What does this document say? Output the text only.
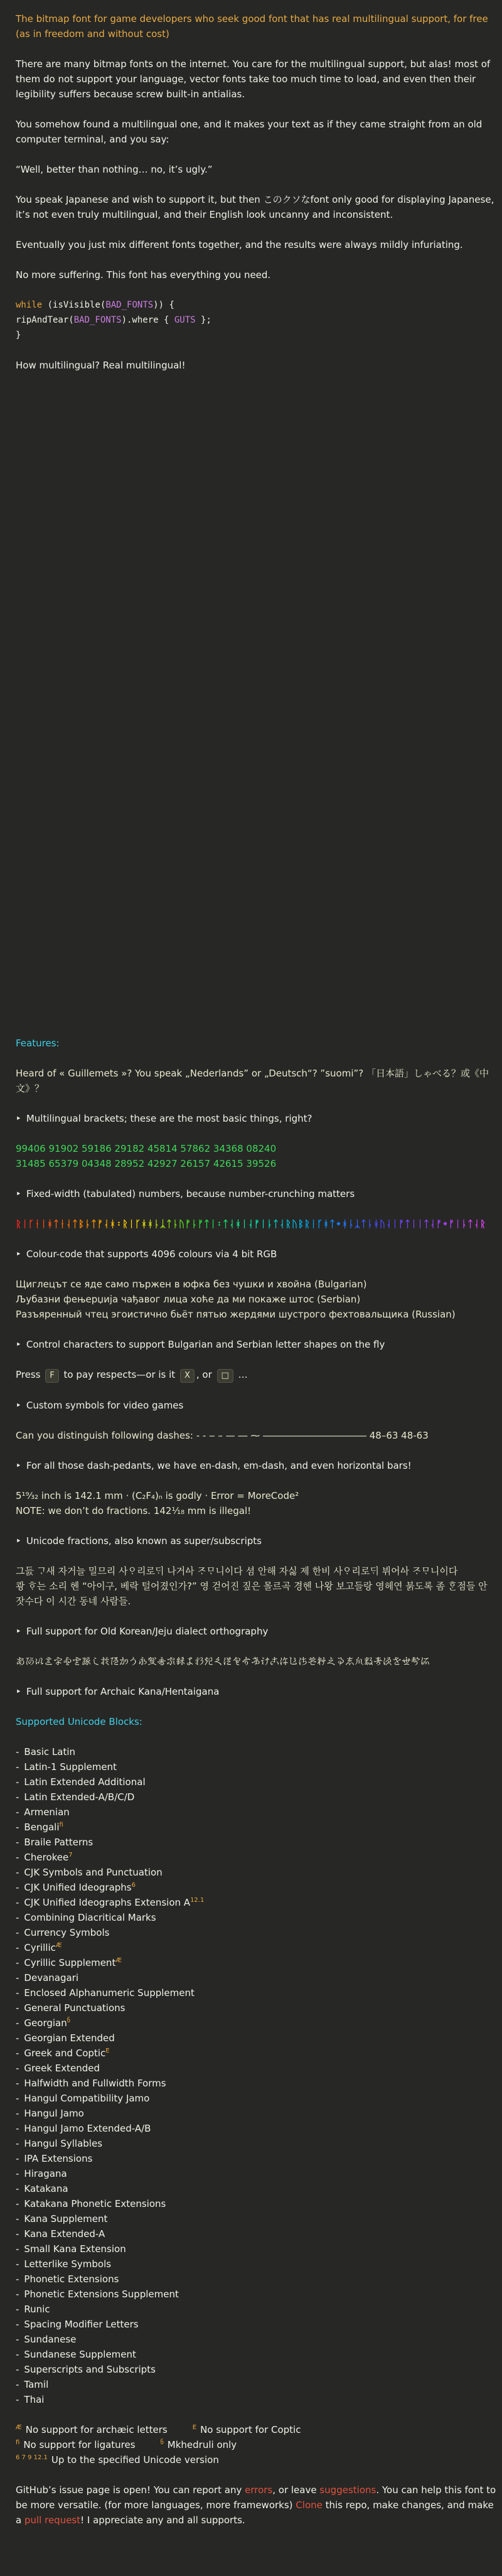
The bitmap font for game developers who seek good font that has real multilingual support, for free (as in freedom and without cost)
There are many bitmap fonts on the internet. You care for the multilingual support, but alas! most of them do not support your language, vector fonts take too much time to load, and even then their legibility suffers because screw built-in antialias.
You somehow found a multilingual one, and it makes your text as if they came straight from an old computer terminal, and you say:
“Well, better than nothing… no, it’s ugly.”
You speak Japanese and wish to support it, but then このクソなfont only good for displaying Japanese, it’s not even truly multilingual, and their English look uncanny and inconsistent.
Eventually you just mix different fonts together, and the results were always mildly infuriating.
No more suffering. This font has everything you need.
while (isVisible(BAD_FONTS)) {
ripAndTear(BAD_FONTS).where { GUTS };
}
How multilingual? Real multilingual!
Features:
Heard of « Guillemets »? You speak „Nederlands” or „Deutsch“? ”suomi”? 「日本語」しゃべる？或《中文》？
‣ Multilingual brackets; these are the most basic things, right?
99406 91902 59186 29182 45814 57862 34368 08240
31485 65379 04348 28952 42927 26157 42615 39526
‣ Fixed-width (tabulated) numbers, because number-crunching matters
ᚱᛁᚴᚽᛁᚼᛏᚽᛆᛏᛒᚿᛏᚠᛆᚼ᛬ᚱᛁᚴᚼᚼᚿᛣᛏᚿᚢᚠᚿᚠᛏᛁ᛬ᛏᛆᚼᛁᛆᚠᛁᚿᛏᛆᚱᚢᛒᚱᛁᚴᚼᛏ᛭ᚼᚿᛣᛏᚿᚼᚢᛆᛁᚠᛏᛁᛁᛏᛆᚠ᛭ᚠᛁᚿᛏᛆᚱ
‣ Colour-code that supports 4096 colours via 4 bit RGB
Щиглецът се яде само пържен в юфка без чушки и хвойна (Bulgarian)
Љубазни фењерџија чађавог лица хоће да ми покаже штос (Serbian)
Разъяренный чтец эгоистично бьёт пятью жердями шустрого фехтовальщика (Russian)
‣ Control characters to support Bulgarian and Serbian letter shapes on the fly
Press F to pay respects—or is it X , or □ …
‣ Custom symbols for video games
Can you distinguish following dashes: - ‐ ‒ – — ― ⁓ ――――――――――― 48–63 48-63
‣ For all those dash-pedants, we have en-dash, em-dash, and even horizontal bars!
5¹⁹⁄₃₂ inch is 142.1 mm · (C₂F₄)ₙ is godly · Error = MoreCode²
NOTE: we don’t do fractions. 142⅟₁₈ mm is illegal!
‣ Unicode fractions, also known as super/subscripts
그듨 ᄀᆞ새 자거늘 밀므리 사ᄋᆞ리로ᄃᆡ 나거ᅀᅡ ᄌᆞᄆᆞ니ᅌᅵ다 셤 안해 자싫 제 한비 사ᄋᆞ리로ᄃᆡ 뷔어ᅀᅡ ᄌᆞᄆᆞ니ᅌᅵ다
쾅 ᄒᆞ는 소리 헨 “아이구, 베락 털어졌인가?” 영 걷어진 짚은 몰르곡 경헨 나왕 보고들랑 영헤연 붉도록 좀 ᄒᆞᆫ점들 안 잣수다 이 시간 동네 사람들.
‣ Full support for Old Korean/Jeju dialect orthography
𛀂𛀄𛀆𛀈𛀊𛀌𛀎𛀐𛀒𛀔𛀖𛀘𛀚𛀜𛀞𛀠𛀢𛀤𛀦𛀨𛀪𛀬𛀮𛀰𛀲𛀴𛀶𛀸𛀺𛀼𛀾𛁀𛁂𛁄𛁆𛁈𛁊𛁌𛁎𛁐𛁒𛁔𛁖𛁘
‣ Full support for Archaic Kana/Hentaigana
Supported Unicode Blocks:
- Basic Latin
- Latin-1 Supplement
- Latin Extended Additional
- Latin Extended-A/B/C/D
- Armenian
- Bengali$^{fi}$
- Braile Patterns
- Cherokee$^7$
- CJK Symbols and Punctuation
- CJK Unified Ideographs$^6$
- CJK Unified Ideographs Extension A$^{12.1}$
- Combining Diacritical Marks
- Currency Symbols
- Cyrillic$^Æ$
- Cyrillic Supplement$^Æ$
- Devanagari
- Enclosed Alphanumeric Supplement
- General Punctuations
- Georgian$^ნ$
- Georgian Extended
- Greek and Coptic$^E$
- Greek Extended
- Halfwidth and Fullwidth Forms
- Hangul Compatibility Jamo
- Hangul Jamo
- Hangul Jamo Extended-A/B
- Hangul Syllables
- IPA Extensions
- Hiragana
- Katakana
- Katakana Phonetic Extensions
- Kana Supplement
- Kana Extended-A
- Small Kana Extension
- Letterlike Symbols
- Phonetic Extensions
- Phonetic Extensions Supplement
- Runic
- Spacing Modifier Letters
- Sundanese
- Sundanese Supplement
- Superscripts and Subscripts
- Tamil
- Thai
$^Æ$ No support for archæic letters	$^E$ No support for Coptic
$^{fi}$ No support for ligatures	$^ნ$ Mkhedruli only
$^{6 7 9 12.1}$ Up to the specified Unicode version
GitHub’s issue page is open! You can report any errors, or leave suggestions. You can help this font to be more versatile. (for more languages, more frameworks) Clone this repo, make changes, and make a pull request! I appreciate any and all supports.
